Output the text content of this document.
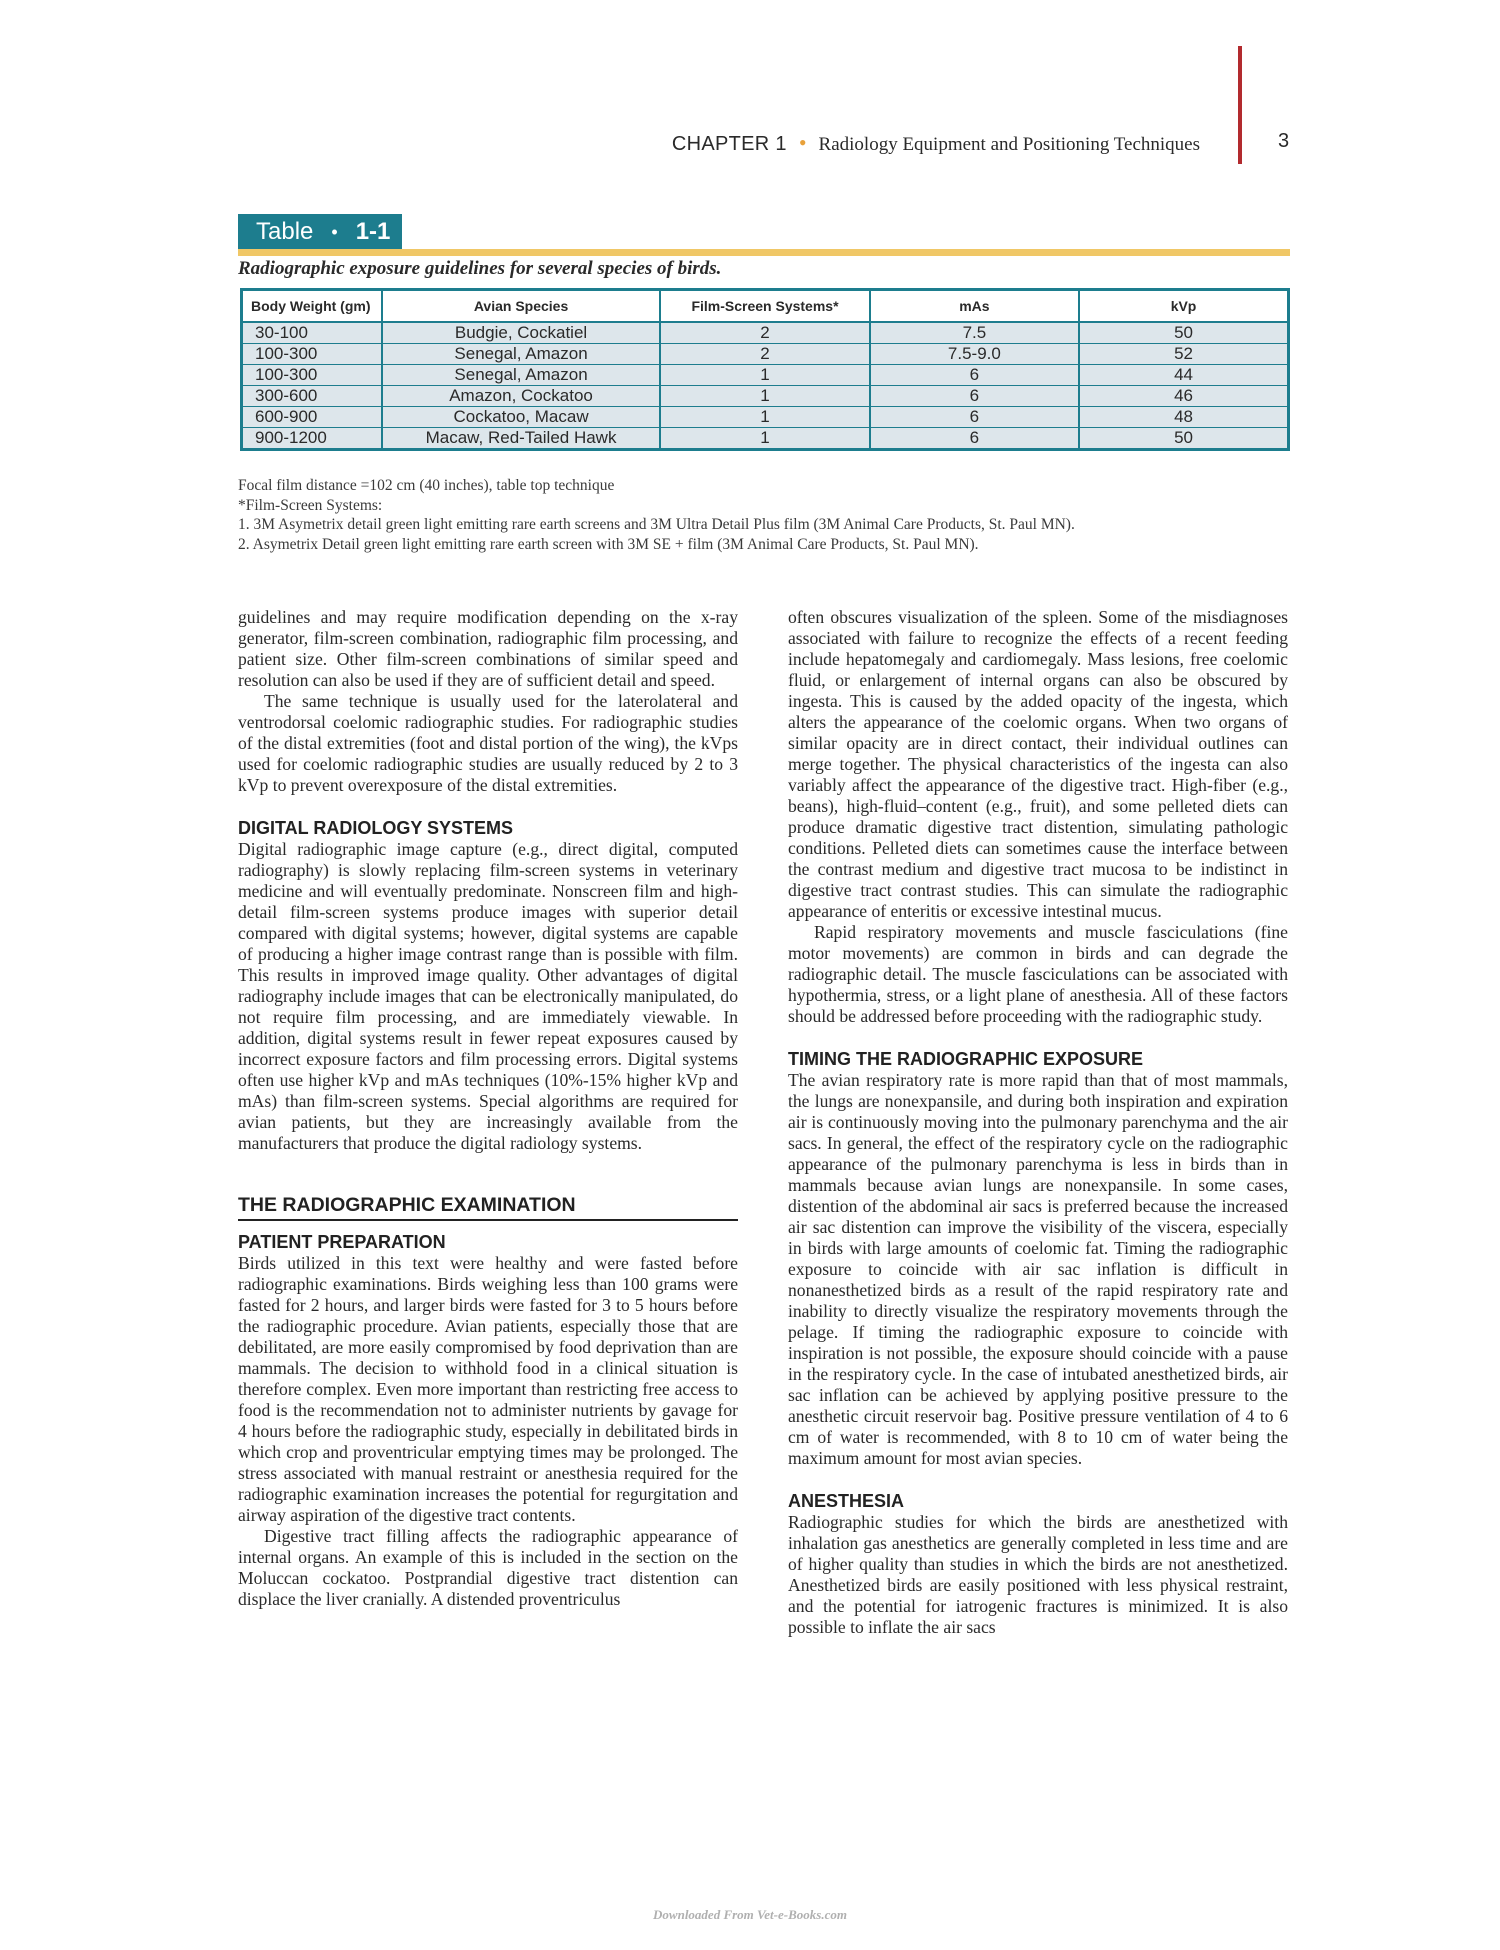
CHAPTER 1 • Radiology Equipment and Positioning Techniques	3
Table • 1-1
Radiographic exposure guidelines for several species of birds.
Body Weight (gm)	Avian Species	Film-Screen Systems*	mAs	kVp
30-100	Budgie, Cockatiel	2	7.5	50
100-300	Senegal, Amazon	2	7.5-9.0	52
100-300	Senegal, Amazon	1	6	44
300-600	Amazon, Cockatoo	1	6	46
600-900	Cockatoo, Macaw	1	6	48
900-1200	Macaw, Red-Tailed Hawk	1	6	50
Focal film distance =102 cm (40 inches), table top technique
*Film-Screen Systems:
1. 3M Asymetrix detail green light emitting rare earth screens and 3M Ultra Detail Plus film (3M Animal Care Products, St. Paul MN).
2. Asymetrix Detail green light emitting rare earth screen with 3M SE + film (3M Animal Care Products, St. Paul MN).

guidelines and may require modification depending on the x-ray generator, film-screen combination, radiographic film processing, and patient size. Other film-screen combinations of similar speed and resolution can also be used if they are of sufficient detail and speed.

The same technique is usually used for the laterolateral and ventrodorsal coelomic radiographic studies. For radiographic studies of the distal extremities (foot and distal portion of the wing), the kVps used for coelomic radiographic studies are usually reduced by 2 to 3 kVp to prevent overexposure of the distal extremities.

DIGITAL RADIOLOGY SYSTEMS

Digital radiographic image capture (e.g., direct digital, computed radiography) is slowly replacing film-screen systems in veterinary medicine and will eventually predominate. Nonscreen film and high-detail film-screen systems produce images with superior detail compared with digital systems; however, digital systems are capable of producing a higher image contrast range than is possible with film. This results in improved image quality. Other advantages of digital radiography include images that can be electronically manipulated, do not require film processing, and are immediately viewable. In addition, digital systems result in fewer repeat exposures caused by incorrect exposure factors and film processing errors. Digital systems often use higher kVp and mAs techniques (10%-15% higher kVp and mAs) than film-screen systems. Special algorithms are required for avian patients, but they are increasingly available from the manufacturers that produce the digital radiology systems.

THE RADIOGRAPHIC EXAMINATION
PATIENT PREPARATION

Birds utilized in this text were healthy and were fasted before radiographic examinations. Birds weighing less than 100 grams were fasted for 2 hours, and larger birds were fasted for 3 to 5 hours before the radiographic procedure. Avian patients, especially those that are debilitated, are more easily compromised by food deprivation than are mammals. The decision to withhold food in a clinical situation is therefore complex. Even more important than restricting free access to food is the recommendation not to administer nutrients by gavage for 4 hours before the radiographic study, especially in debilitated birds in which crop and proventricular emptying times may be prolonged. The stress associated with manual restraint or anesthesia required for the radiographic examination increases the potential for regurgitation and airway aspiration of the digestive tract contents.

Digestive tract filling affects the radiographic appearance of internal organs. An example of this is included in the section on the Moluccan cockatoo. Postprandial digestive tract distention can displace the liver cranially. A distended proventriculus

often obscures visualization of the spleen. Some of the misdiagnoses associated with failure to recognize the effects of a recent feeding include hepatomegaly and cardiomegaly. Mass lesions, free coelomic fluid, or enlargement of internal organs can also be obscured by ingesta. This is caused by the added opacity of the ingesta, which alters the appearance of the coelomic organs. When two organs of similar opacity are in direct contact, their individual outlines can merge together. The physical characteristics of the ingesta can also variably affect the appearance of the digestive tract. High-fiber (e.g., beans), high-fluid–content (e.g., fruit), and some pelleted diets can produce dramatic digestive tract distention, simulating pathologic conditions. Pelleted diets can sometimes cause the interface between the contrast medium and digestive tract mucosa to be indistinct in digestive tract contrast studies. This can simulate the radiographic appearance of enteritis or excessive intestinal mucus.

Rapid respiratory movements and muscle fasciculations (fine motor movements) are common in birds and can degrade the radiographic detail. The muscle fasciculations can be associated with hypothermia, stress, or a light plane of anesthesia. All of these factors should be addressed before proceeding with the radiographic study.

TIMING THE RADIOGRAPHIC EXPOSURE

The avian respiratory rate is more rapid than that of most mammals, the lungs are nonexpansile, and during both inspiration and expiration air is continuously moving into the pulmonary parenchyma and the air sacs. In general, the effect of the respiratory cycle on the radiographic appearance of the pulmonary parenchyma is less in birds than in mammals because avian lungs are nonexpansile. In some cases, distention of the abdominal air sacs is preferred because the increased air sac distention can improve the visibility of the viscera, especially in birds with large amounts of coelomic fat. Timing the radiographic exposure to coincide with air sac inflation is difficult in nonanesthetized birds as a result of the rapid respiratory rate and inability to directly visualize the respiratory movements through the pelage. If timing the radiographic exposure to coincide with inspiration is not possible, the exposure should coincide with a pause in the respiratory cycle. In the case of intubated anesthetized birds, air sac inflation can be achieved by applying positive pressure to the anesthetic circuit reservoir bag. Positive pressure ventilation of 4 to 6 cm of water is recommended, with 8 to 10 cm of water being the maximum amount for most avian species.

ANESTHESIA

Radiographic studies for which the birds are anesthetized with inhalation gas anesthetics are generally completed in less time and are of higher quality than studies in which the birds are not anesthetized. Anesthetized birds are easily positioned with less physical restraint, and the potential for iatrogenic fractures is minimized. It is also possible to inflate the air sacs

Downloaded From Vet-e-Books.com
